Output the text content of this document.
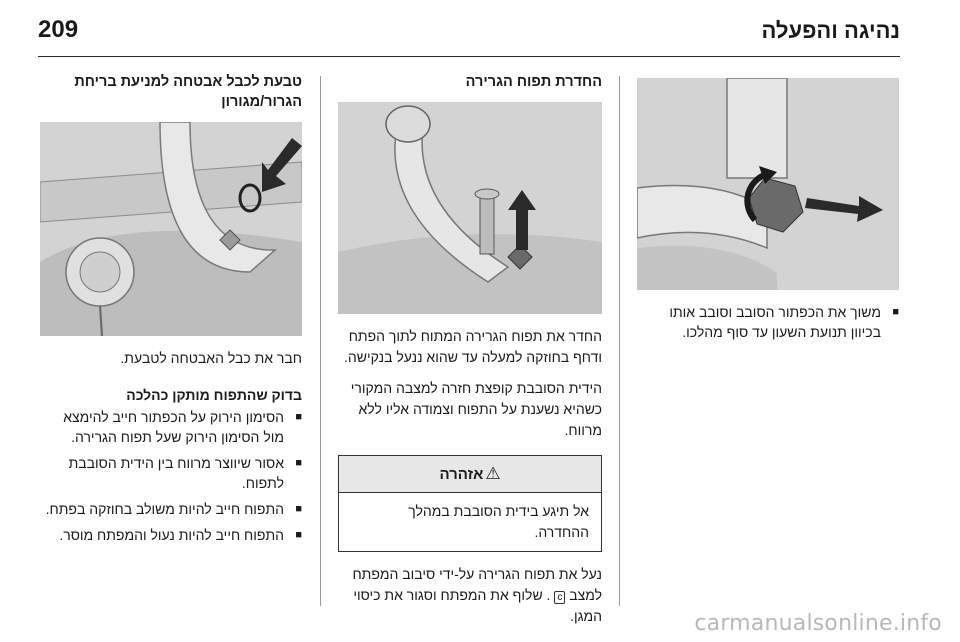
209	נהיגה והפעלה
טבעת לכבל אבטחה למניעת בריחת
הגרור/מגורון

חבר את כבל האבטחה לטבעת.

בדוק שהתפוח מותקן כהלכה
■
הסימון הירוק על הכפתור חייב להימצא מול הסימון הירוק שעל תפוח הגרירה.
■
אסור שיווצר מרווח בין הידית הסובבת לתפוח.
■
התפוח חייב להיות משולב בחוזקה בפתח.
■
התפוח חייב להיות נעול והמפתח מוסר.
החדרת תפוח הגרירה

החדר את תפוח הגרירה המתוח לתוך הפתח ודחף בחוזקה למעלה עד שהוא ננעל בנקישה.

הידית הסובבת קופצת חזרה למצבה המקורי כשהיא נשענת על התפוח וצמודה אליו ללא מרווח.

⚠
אזהרה
אל תיגע בידית הסובבת במהלך ההחדרה.

נעל את תפוח הגרירה על-ידי סיבוב המפתח למצב c . שלוף את המפתח וסגור את כיסוי המגן.

■
משוך את הכפתור הסובב וסובב אותו בכיוון תנועת השעון עד סוף מהלכו.
carmanualsonline.info
